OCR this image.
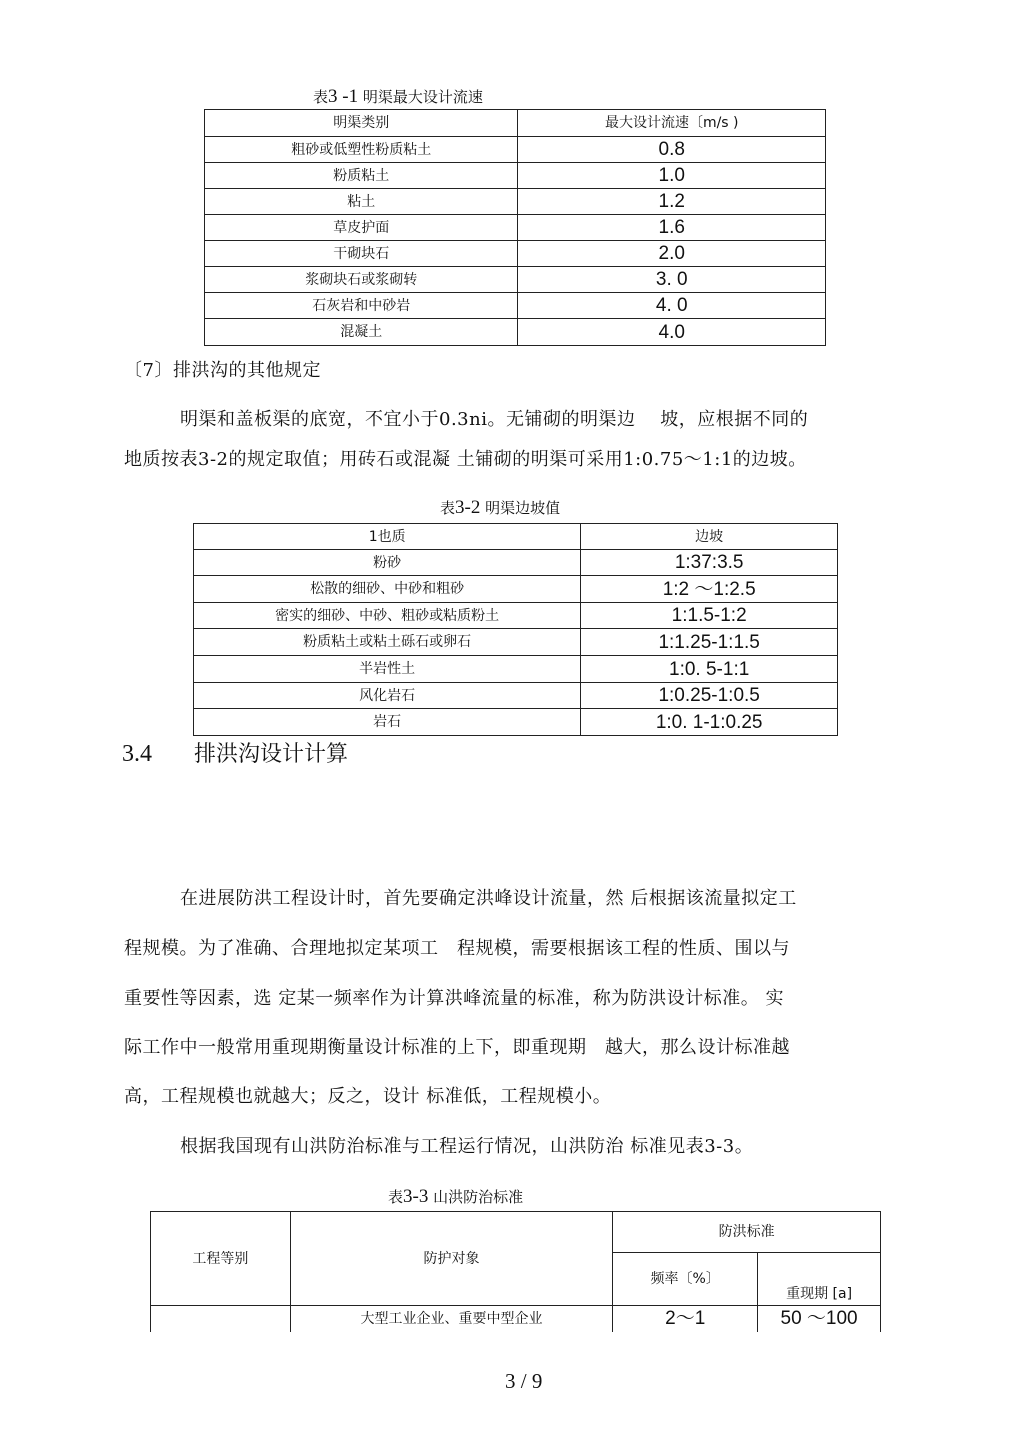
表3 -1 明渠最大设计流速
明渠类别	最大设计流速〔m/s )
粗砂或低塑性粉质粘土	0.8
粉质粘土	1.0
粘土	1.2
草皮护面	1.6
干砌块石	2.0
浆砌块石或浆砌转	3. 0
石灰岩和中砂岩	4. 0
混凝土	4.0
〔7〕排洪沟的其他规定
明渠和盖板渠的底宽，不宜小于0.3ni。无铺砌的明渠边　 坡，应根据不同的
地质按表3-2的规定取值；用砖石或混凝 土铺砌的明渠可采用1:0.75～1:1的边坡。
表3-2 明渠边坡值
1也质	边坡
粉砂	1:37:3.5
松散的细砂、中砂和粗砂	1:2 ～1:2.5
密实的细砂、中砂、粗砂或粘质粉土	1:1.5-1:2
粉质粘土或粘土砾石或卵石	1:1.25-1:1.5
半岩性土	1:0. 5-1:1
风化岩石	1:0.25-1:0.5
岩石	1:0. 1-1:0.25
3.4 排洪沟设计计算
在进展防洪工程设计时，首先要确定洪峰设计流量，然 后根据该流量拟定工
程规模。为了准确、合理地拟定某项工　程规模，需要根据该工程的性质、围以与
重要性等因素，选 定某一频率作为计算洪峰流量的标准，称为防洪设计标准。 实
际工作中一般常用重现期衡量设计标准的上下，即重现期　越大，那么设计标准越
高，工程规模也就越大；反之，设计 标准低，工程规模小。
根据我国现有山洪防治标准与工程运行情况，山洪防治 标准见表3-3。
表3-3 山洪防治标准
工程等别	防护对象	防洪标准	
		频率〔%〕	重现期 [a]
	大型工业企业、重要中型企业	2～1	50 ～100
3 / 9
